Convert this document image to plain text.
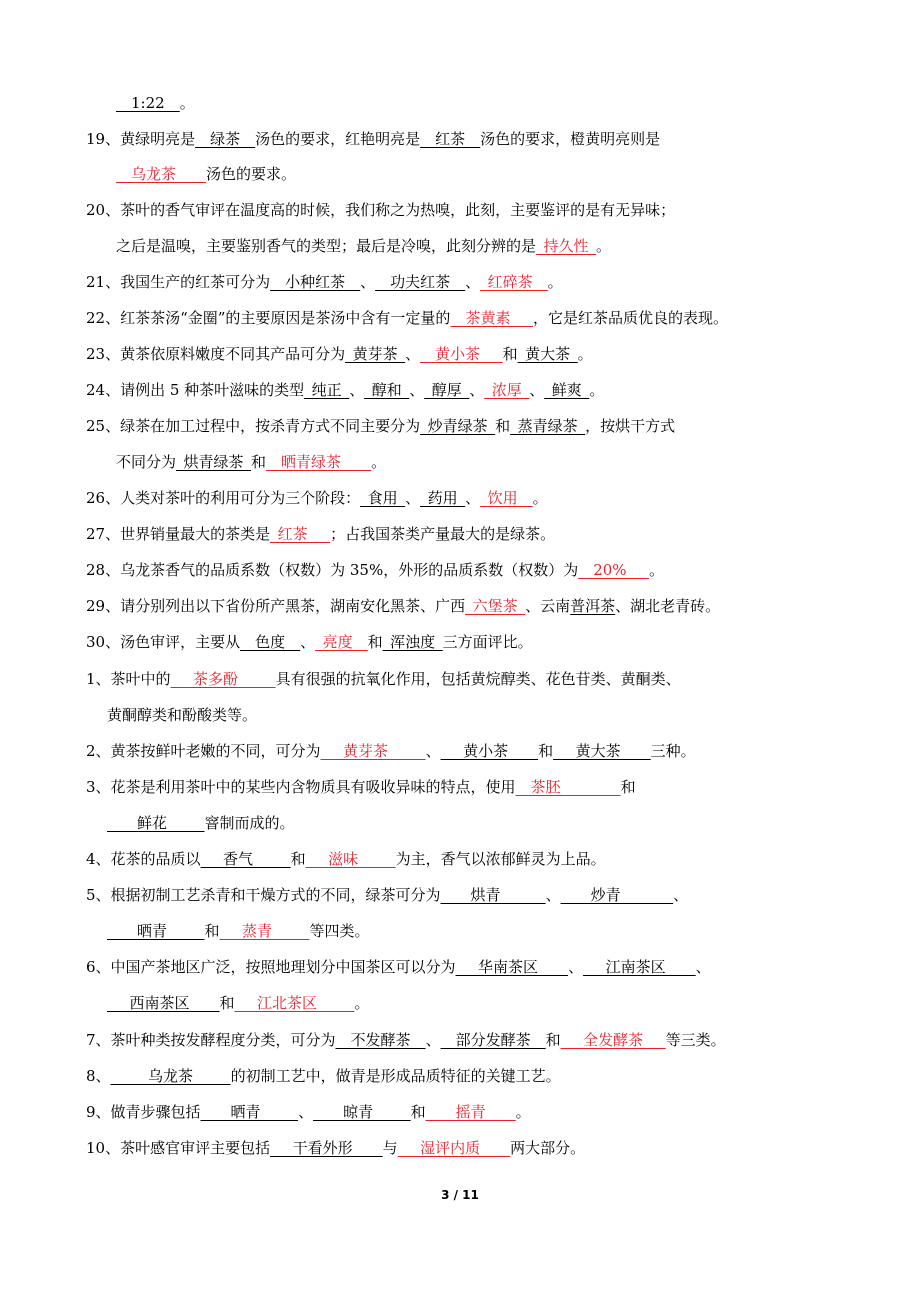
__1:22__。
19、黄绿明亮是__绿茶__汤色的要求，红艳明亮是__红茶__汤色的要求，橙黄明亮则是
__乌龙茶____汤色的要求。
20、茶叶的香气审评在温度高的时候，我们称之为热嗅，此刻，主要鉴评的是有无异味；
之后是温嗅，主要鉴别香气的类型；最后是冷嗅，此刻分辨的是_持久性_。
21、我国生产的红茶可分为__小种红茶__、__功夫红茶__、_红碎茶__。
22、红茶茶汤“金圈”的主要原因是茶汤中含有一定量的__茶黄素___，它是红茶品质优良的表现。
23、黄茶依原料嫩度不同其产品可分为_黄芽茶_、__黄小茶___和_黄大茶_。
24、请例出 5 种茶叶滋味的类型_纯正_、_醇和_、_醇厚_、_浓厚_、_鲜爽_。
25、绿茶在加工过程中，按杀青方式不同主要分为_炒青绿茶_和_蒸青绿茶_，按烘干方式
不同分为_烘青绿茶_和__晒青绿茶____。
26、人类对茶叶的利用可分为三个阶段：_食用_、_药用_、_饮用__。
27、世界销量最大的茶类是_红茶___；占我国茶类产量最大的是绿茶。
28、乌龙茶香气的品质系数（权数）为 35%，外形的品质系数（权数）为__20%___。
29、请分别列出以下省份所产黑茶，湖南安化黑茶、广西_六堡茶_、云南普洱茶、湖北老青砖。
30、汤色审评，主要从__色度__、_亮度__和_浑浊度_三方面评比。
1、茶叶中的___茶多酚_____具有很强的抗氧化作用，包括黄烷醇类、花色苷类、黄酮类、
黄酮醇类和酚酸类等。
2、黄茶按鲜叶老嫩的不同，可分为___黄芽茶_____、___黄小茶____和___黄大茶____三种。
3、花茶是利用茶叶中的某些内含物质具有吸收异味的特点，使用__茶胚________和
____鲜花_____窨制而成的。
4、花茶的品质以___香气_____和___滋味_____为主，香气以浓郁鲜灵为上品。
5、根据初制工艺杀青和干燥方式的不同，绿茶可分为____烘青______、____炒青_______、
____晒青_____和___蒸青_____等四类。
6、中国产茶地区广泛，按照地理划分中国茶区可以分为___华南茶区____、___江南茶区____、
___西南茶区____和___江北茶区_____。
7、茶叶种类按发酵程度分类，可分为__不发酵茶__、__部分发酵茶__和___全发酵茶___等三类。
8、_____乌龙茶_____的初制工艺中，做青是形成品质特征的关键工艺。
9、做青步骤包括____晒青_____、____晾青_____和____摇青____。
10、茶叶感官审评主要包括___干看外形____与___湿评内质____两大部分。
3 / 11
